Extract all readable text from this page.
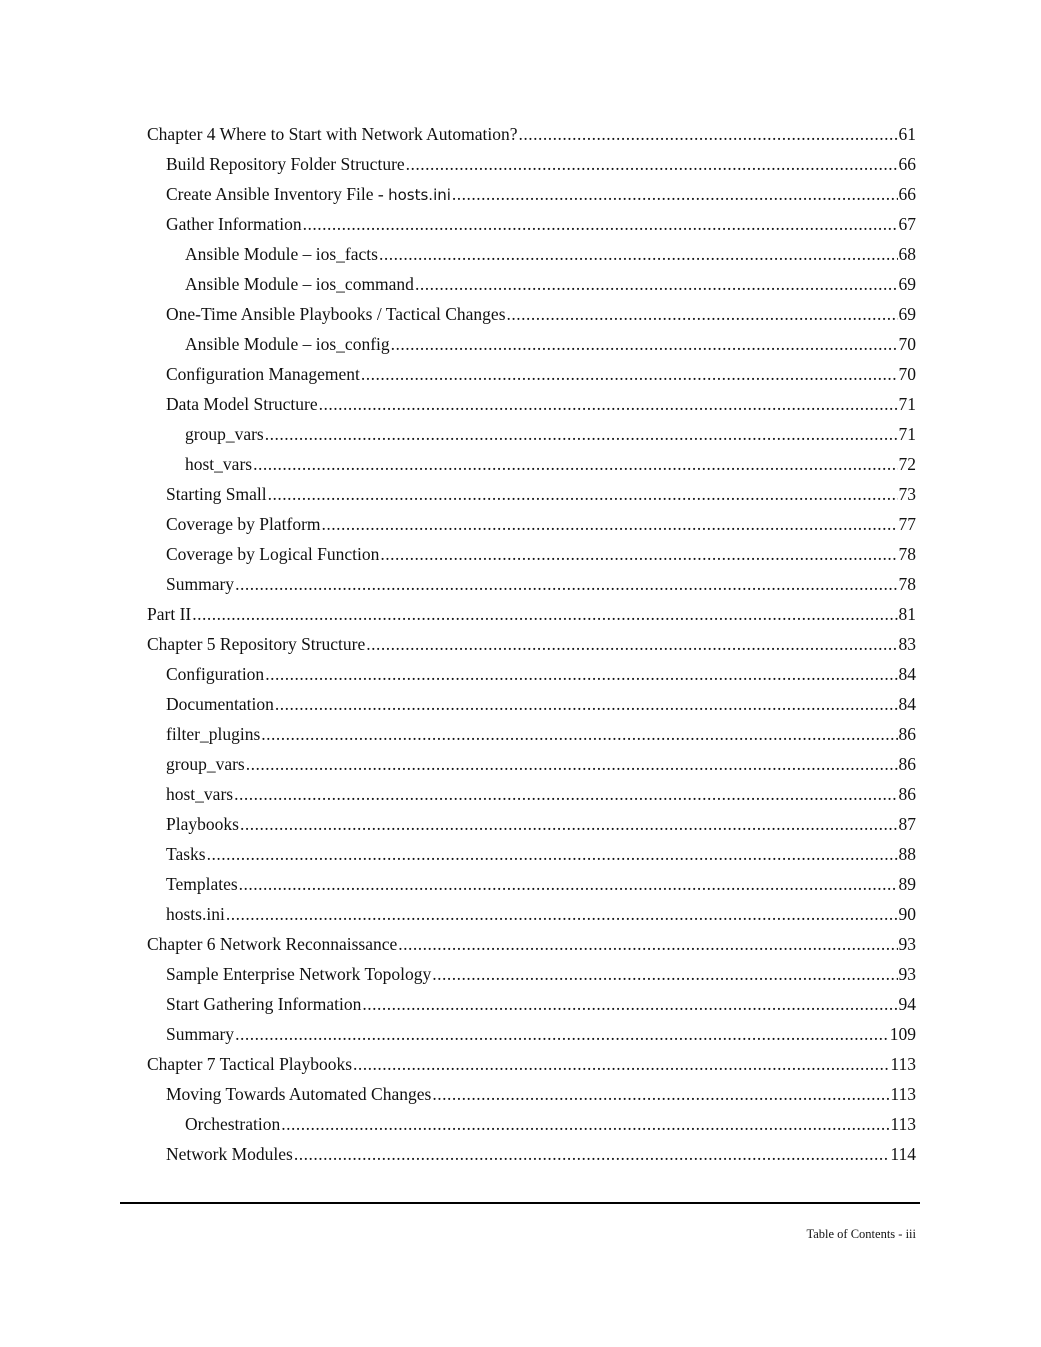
Chapter 4 Where to Start with Network Automation? .....	61
Build Repository Folder Structure .....	66
Create Ansible Inventory File - hosts.ini .....	66
Gather Information .....	67
Ansible Module – ios_facts .....	68
Ansible Module – ios_command .....	69
One-Time Ansible Playbooks / Tactical Changes .....	69
Ansible Module – ios_config .....	70
Configuration Management .....	70
Data Model Structure .....	71
group_vars .....	71
host_vars .....	72
Starting Small .....	73
Coverage by Platform .....	77
Coverage by Logical Function .....	78
Summary .....	78
Part II .....	81
Chapter 5 Repository Structure .....	83
Configuration .....	84
Documentation .....	84
filter_plugins .....	86
group_vars .....	86
host_vars .....	86
Playbooks .....	87
Tasks .....	88
Templates .....	89
hosts.ini .....	90
Chapter 6 Network Reconnaissance .....	93
Sample Enterprise Network Topology .....	93
Start Gathering Information .....	94
Summary .....	109
Chapter 7 Tactical Playbooks .....	113
Moving Towards Automated Changes .....	113
Orchestration .....	113
Network Modules .....	114
Table of Contents - iii
